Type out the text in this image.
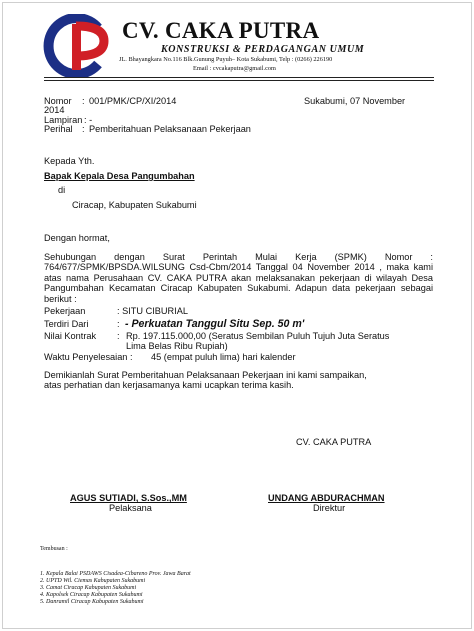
CV. CAKA PUTRA
KONSTRUKSI & PERDAGANGAN UMUM
JL. Bhayangkara No.116 Blk.Gunung Puyuh– Kota Sukabumi, Telp : (0266) 226190
Email : cvcakaputra@gmail.com
Nomor : 001/PMK/CP/XI/2014
2014
Sukabumi, 07 November
Lampiran : -
Perihal : Pemberitahuan Pelaksanaan Pekerjaan
Kepada Yth.
Bapak Kepala Desa Pangumbahan
di
Ciracap, Kabupaten Sukabumi
Dengan hormat,
Sehubungan dengan Surat Perintah Mulai Kerja (SPMK) Nomor : 764/677/SPMK/BPSDA.WILSUNG Csd-Cbm/2014 Tanggal 04 November 2014 , maka kami atas nama Perusahaan CV. CAKA PUTRA akan melaksanakan pekerjaan di wilayah Desa Pangumbahan Kecamatan Ciracap Kabupaten Sukabumi. Adapun data pekerjaan sebagai berikut :
Pekerjaan	: SITU CIBURIAL
Terdiri Dari	: - Perkuatan Tanggul Situ Sep. 50 m'
Nilai Kontrak : Rp. 197.115.000,00 (Seratus Sembilan Puluh Tujuh Juta Seratus
Lima Belas Ribu Rupiah)
Waktu Penyelesaian : 45 (empat puluh lima) hari kalender
Demikianlah Surat Pemberitahuan Pelaksanaan Pekerjaan ini kami sampaikan,
atas perhatian dan kerjasamanya kami ucapkan terima kasih.
CV. CAKA PUTRA
AGUS SUTIADI, S.Sos.,MM
Pelaksana
UNDANG ABDURACHMAN
Direktur
Tembusan :
1. Kepala Balai PSDAWS Cisadea-Cibareno Prov. Jawa Barat
2. UPTD Wil. Ciemas Kabupaten Sukabumi
3. Camat Ciracap Kabupaten Sukabumi
4. Kapolsek Ciracap Kabupaten Sukabumi
5. Danramil Ciracap Kabupaten Sukabumi
